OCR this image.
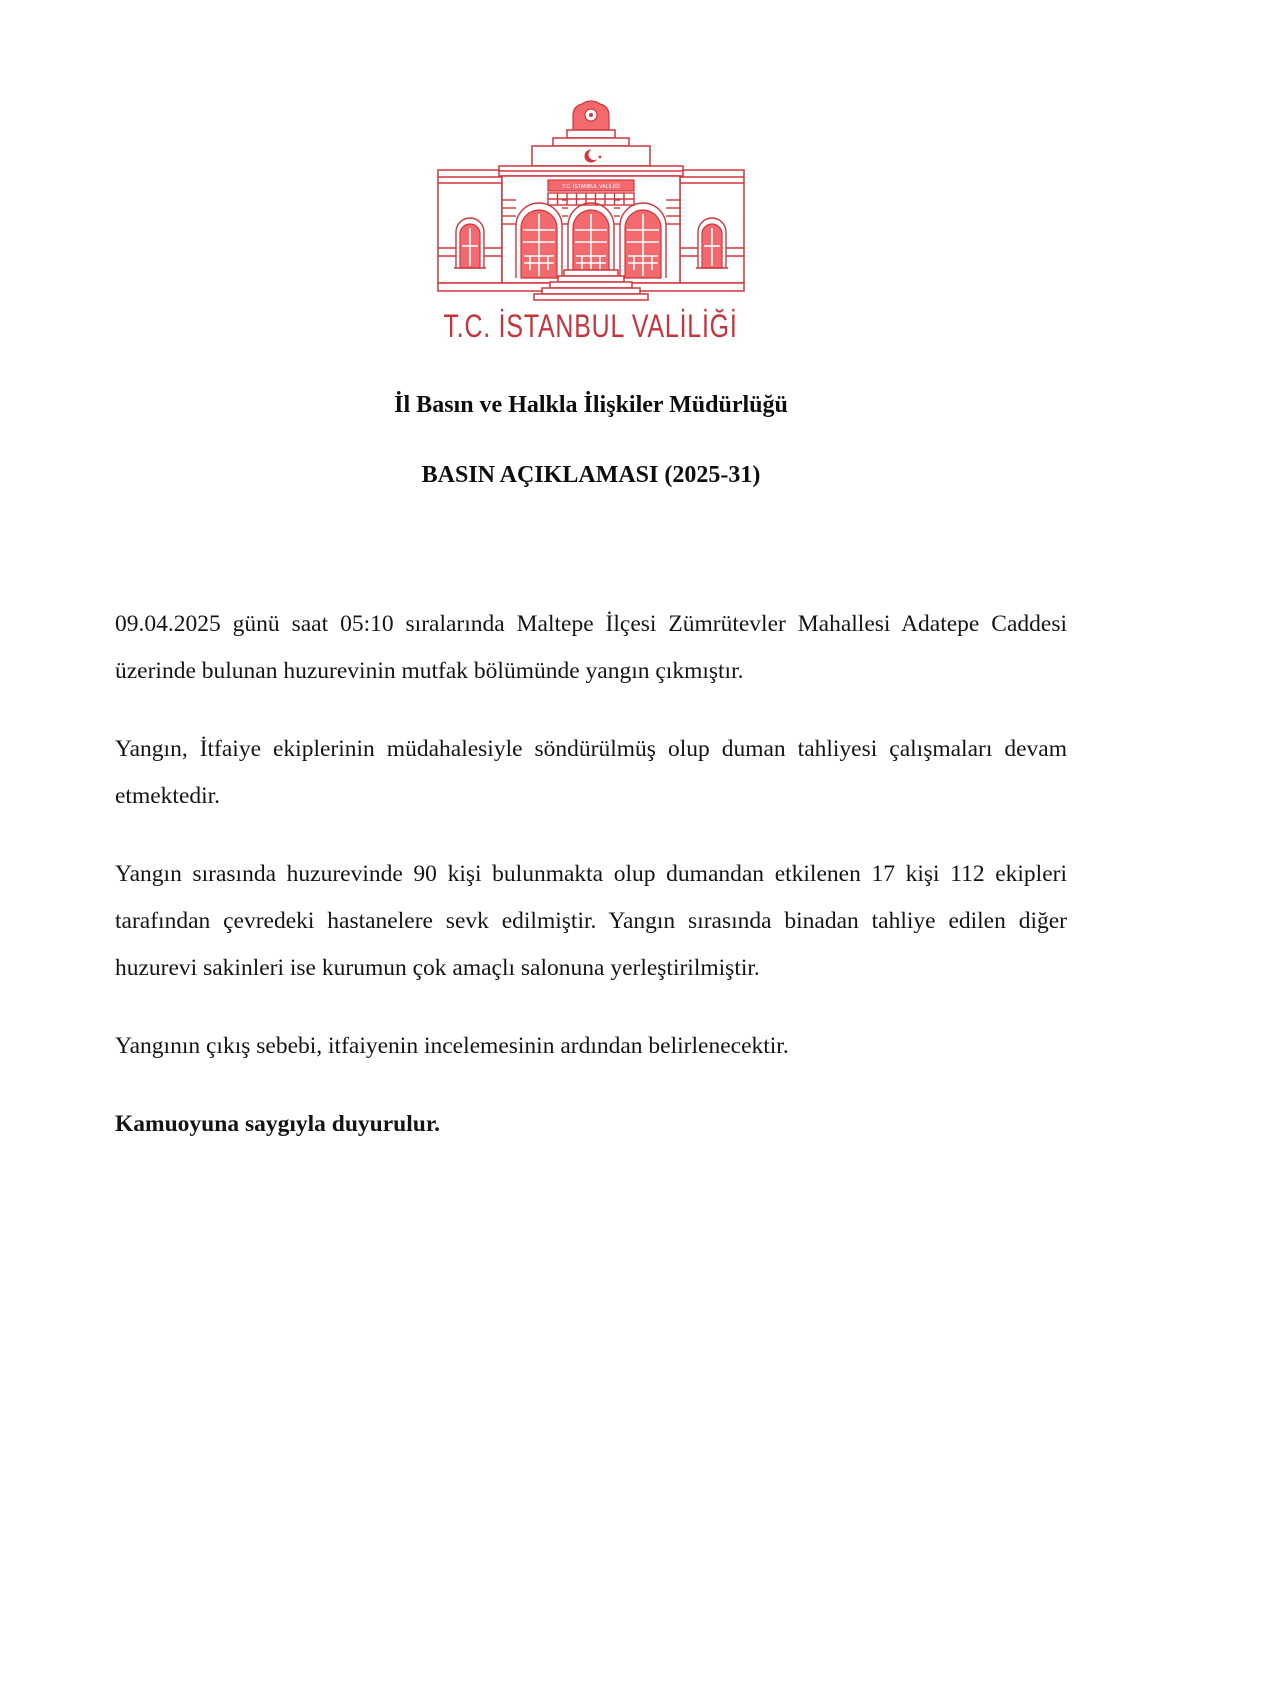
T.C. İSTANBUL VALİLİĞİ
T.C. İSTANBUL VALİLİĞİ
İl Basın ve Halkla İlişkiler Müdürlüğü
BASIN AÇIKLAMASI (2025-31)

09.04.2025 günü saat 05:10 sıralarında Maltepe İlçesi Zümrütevler Mahallesi Adatepe Caddesi üzerinde bulunan huzurevinin mutfak bölümünde yangın çıkmıştır.

Yangın, İtfaiye ekiplerinin müdahalesiyle söndürülmüş olup duman tahliyesi çalışmaları devam etmektedir.

Yangın sırasında huzurevinde 90 kişi bulunmakta olup dumandan etkilenen 17 kişi 112 ekipleri tarafından çevredeki hastanelere sevk edilmiştir. Yangın sırasında binadan tahliye edilen diğer huzurevi sakinleri ise kurumun çok amaçlı salonuna yerleştirilmiştir.

Yangının çıkış sebebi, itfaiyenin incelemesinin ardından belirlenecektir.

Kamuoyuna saygıyla duyurulur.
